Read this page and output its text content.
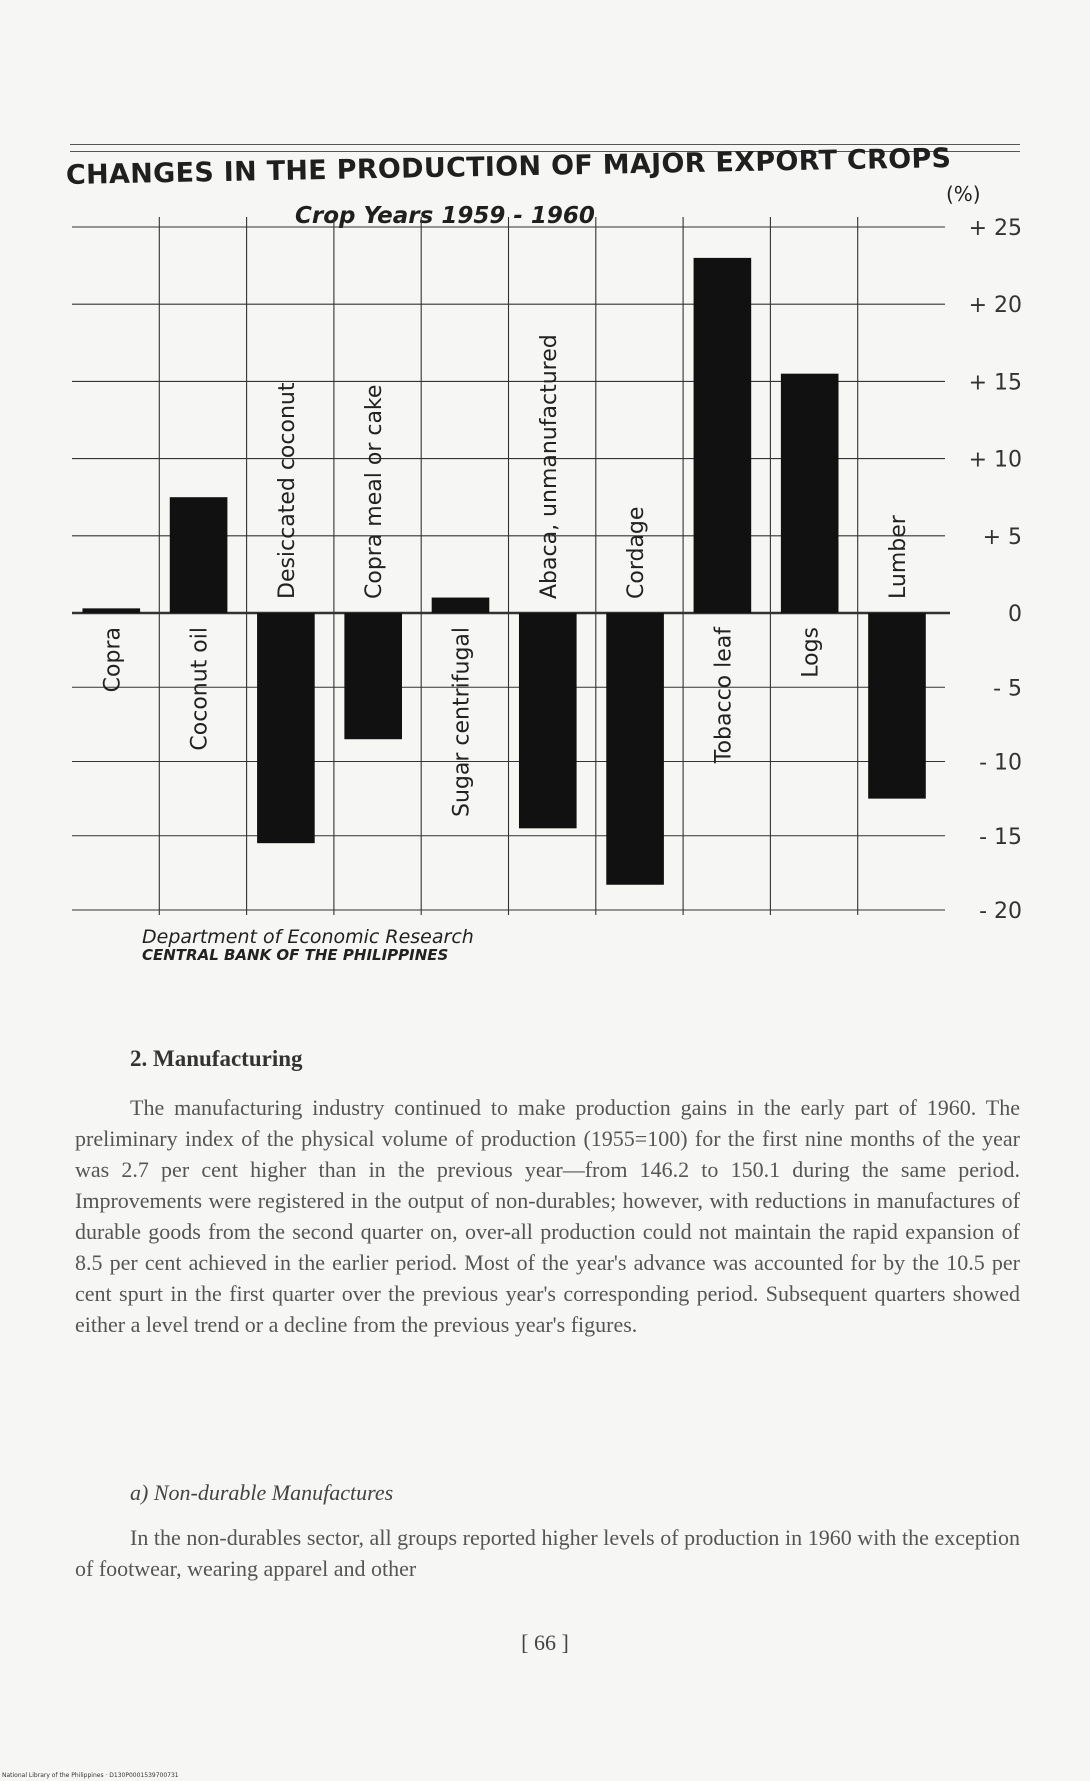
CHANGES IN THE PRODUCTION OF MAJOR EXPORT CROPS
Crop Years 1959 - 1960
(%)
+ 25
+ 20
+ 15
+ 10
+ 5
0
- 5
- 10
- 15
- 20
Copra	Coconut oil
Desiccated coconut	Copra meal or cake
Sugar centrifugal
Abaca, unmanufactured	Cordage
Tobacco leaf	Logs
Lumber
Department of Economic Research
CENTRAL BANK OF THE PHILIPPINES
2. Manufacturing

The manufacturing industry continued to make production gains in the early part of 1960. The preliminary index of the physical volume of production (1955=100) for the first nine months of the year was 2.7 per cent higher than in the previous year—from 146.2 to 150.1 during the same period. Improvements were registered in the output of non-durables; however, with reductions in manufactures of durable goods from the second quarter on, over-all production could not maintain the rapid expansion of 8.5 per cent achieved in the earlier period. Most of the year's advance was accounted for by the 10.5 per cent spurt in the first quarter over the previous year's corresponding period. Subsequent quarters showed either a level trend or a decline from the previous year's figures.

a) Non-durable Manufactures

In the non-durables sector, all groups reported higher levels of production in 1960 with the exception of footwear, wearing apparel and other

[ 66 ]
National Library of the Philippines · D130P0001539700731
